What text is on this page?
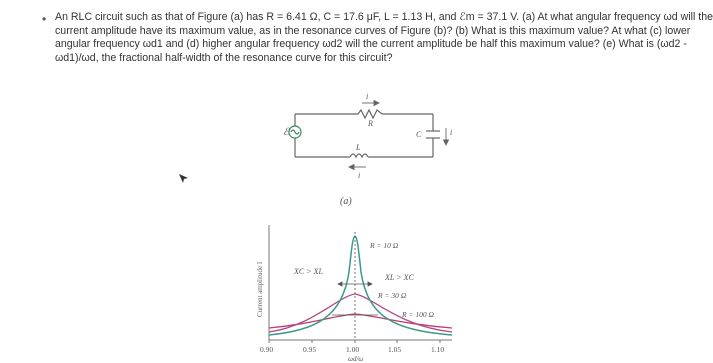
• An RLC circuit such as that of Figure (a) has R = 6.41 Ω, C = 17.6 μF, L = 1.13 H, and ℰm = 37.1 V. (a) At what angular frequency ωd will the
current amplitude have its maximum value, as in the resonance curves of Figure (b)? (b) What is this maximum value? At what (c) lower
angular frequency ωd1 and (d) higher angular frequency ωd2 will the current amplitude be half this maximum value? (e) What is (ωd2 -
ωd1)/ωd, the fractional half-width of the resonance curve for this circuit?
ℰ
R
i
L
i
C	i
(a)
Current amplitude I	XC > XL
XL > XC
R = 10 Ω
R = 30 Ω
R = 100 Ω
0.90	0.95	1.00	1.05	1.10
ωd/ω
